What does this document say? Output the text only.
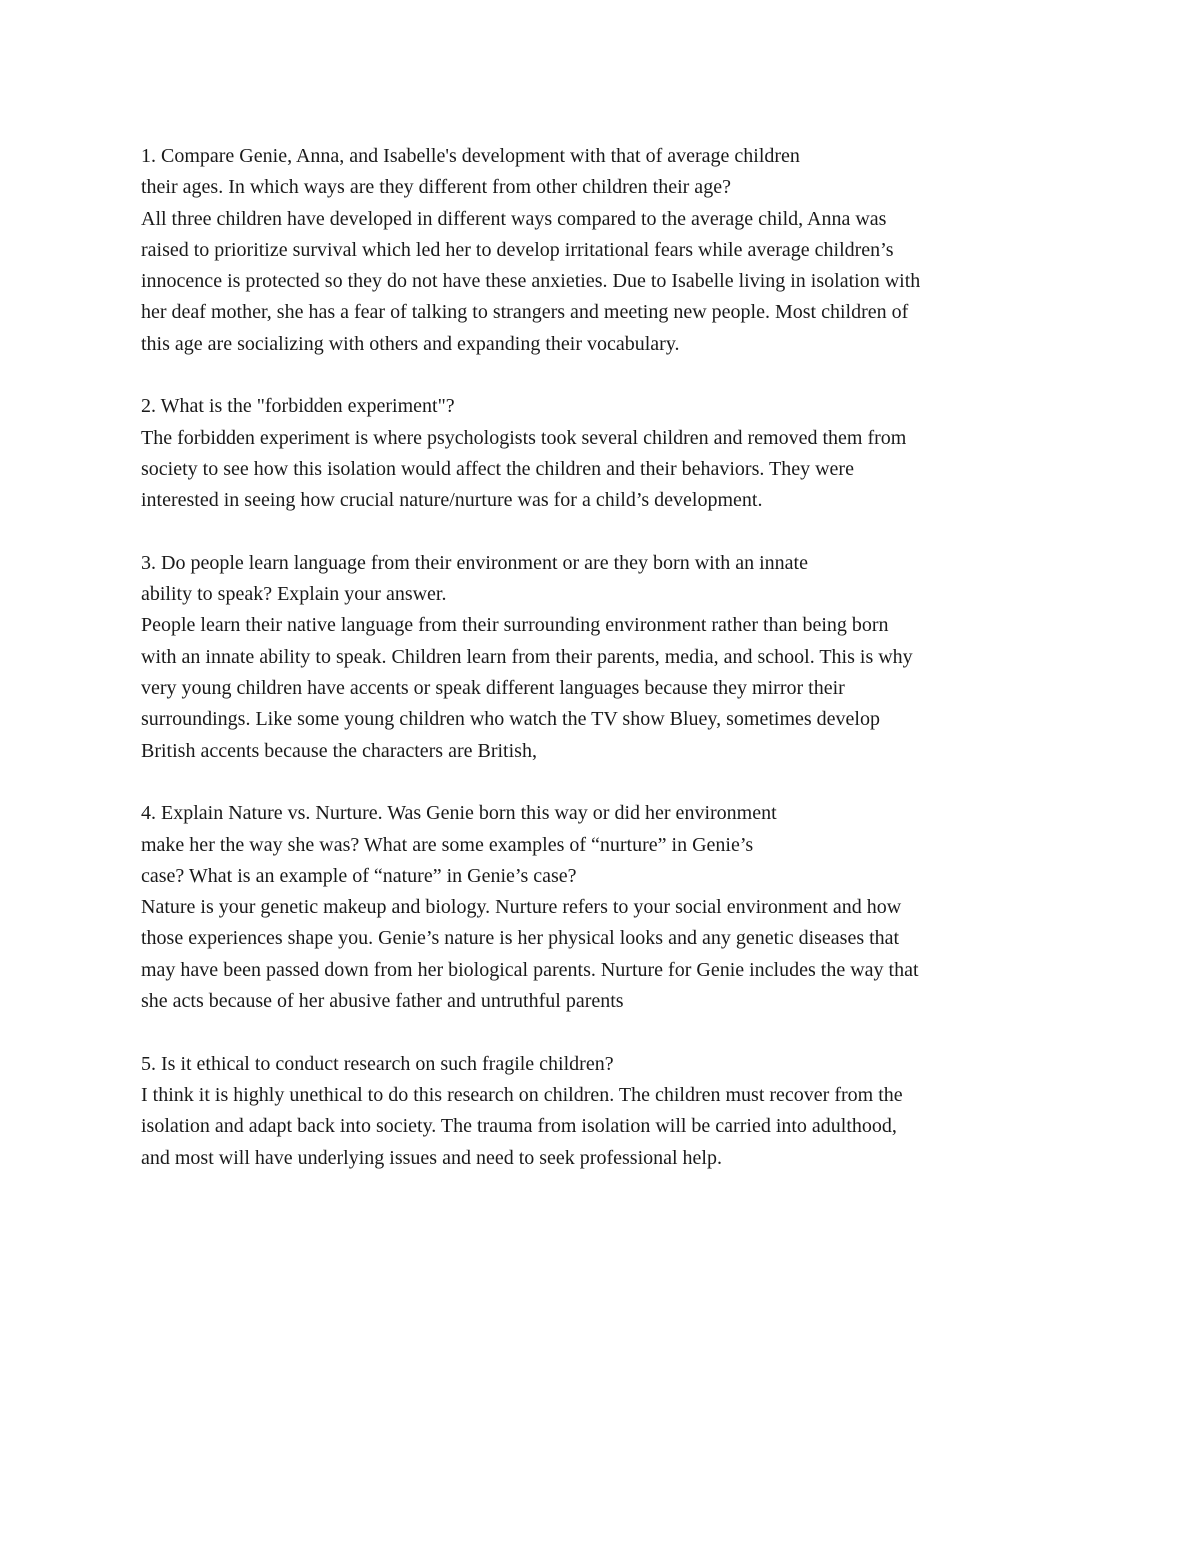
1. Compare Genie, Anna, and Isabelle's development with that of average children
their ages. In which ways are they different from other children their age?
All three children have developed in different ways compared to the average child, Anna was
raised to prioritize survival which led her to develop irritational fears while average children’s
innocence is protected so they do not have these anxieties. Due to Isabelle living in isolation with
her deaf mother, she has a fear of talking to strangers and meeting new people. Most children of
this age are socializing with others and expanding their vocabulary.
2. What is the "forbidden experiment"?
The forbidden experiment is where psychologists took several children and removed them from
society to see how this isolation would affect the children and their behaviors. They were
interested in seeing how crucial nature/nurture was for a child’s development.
3. Do people learn language from their environment or are they born with an innate
ability to speak? Explain your answer.
People learn their native language from their surrounding environment rather than being born
with an innate ability to speak. Children learn from their parents, media, and school. This is why
very young children have accents or speak different languages because they mirror their
surroundings. Like some young children who watch the TV show Bluey, sometimes develop
British accents because the characters are British,
4. Explain Nature vs. Nurture. Was Genie born this way or did her environment
make her the way she was? What are some examples of “nurture” in Genie’s
case? What is an example of “nature” in Genie’s case?
Nature is your genetic makeup and biology. Nurture refers to your social environment and how
those experiences shape you. Genie’s nature is her physical looks and any genetic diseases that
may have been passed down from her biological parents. Nurture for Genie includes the way that
she acts because of her abusive father and untruthful parents
5. Is it ethical to conduct research on such fragile children?
I think it is highly unethical to do this research on children. The children must recover from the
isolation and adapt back into society. The trauma from isolation will be carried into adulthood,
and most will have underlying issues and need to seek professional help.
